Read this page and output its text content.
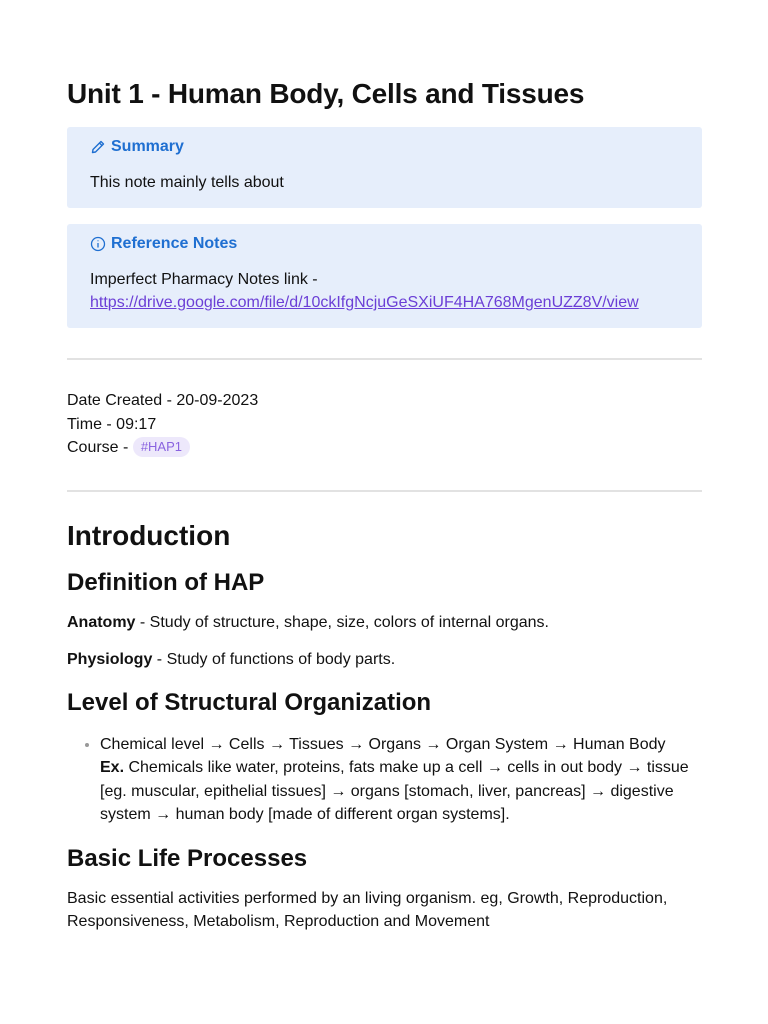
Unit 1 - Human Body, Cells and Tissues
Summary
This note mainly tells about
Reference Notes
Imperfect Pharmacy Notes link -
https://drive.google.com/file/d/10ckIfgNcjuGeSXiUF4HA768MgenUZZ8V/view
Date Created - 20-09-2023
Time - 09:17
Course - #HAP1
Introduction
Definition of HAP

Anatomy - Study of structure, shape, size, colors of internal organs.

Physiology - Study of functions of body parts.

Level of Structural Organization
• Chemical level → Cells → Tissues → Organs → Organ System → Human Body
Ex. Chemicals like water, proteins, fats make up a cell → cells in out body → tissue [eg. muscular, epithelial tissues] → organs [stomach, liver, pancreas] → digestive system → human body [made of different organ systems].
Basic Life Processes

Basic essential activities performed by an living organism. eg, Growth, Reproduction, Responsiveness, Metabolism, Reproduction and Movement
